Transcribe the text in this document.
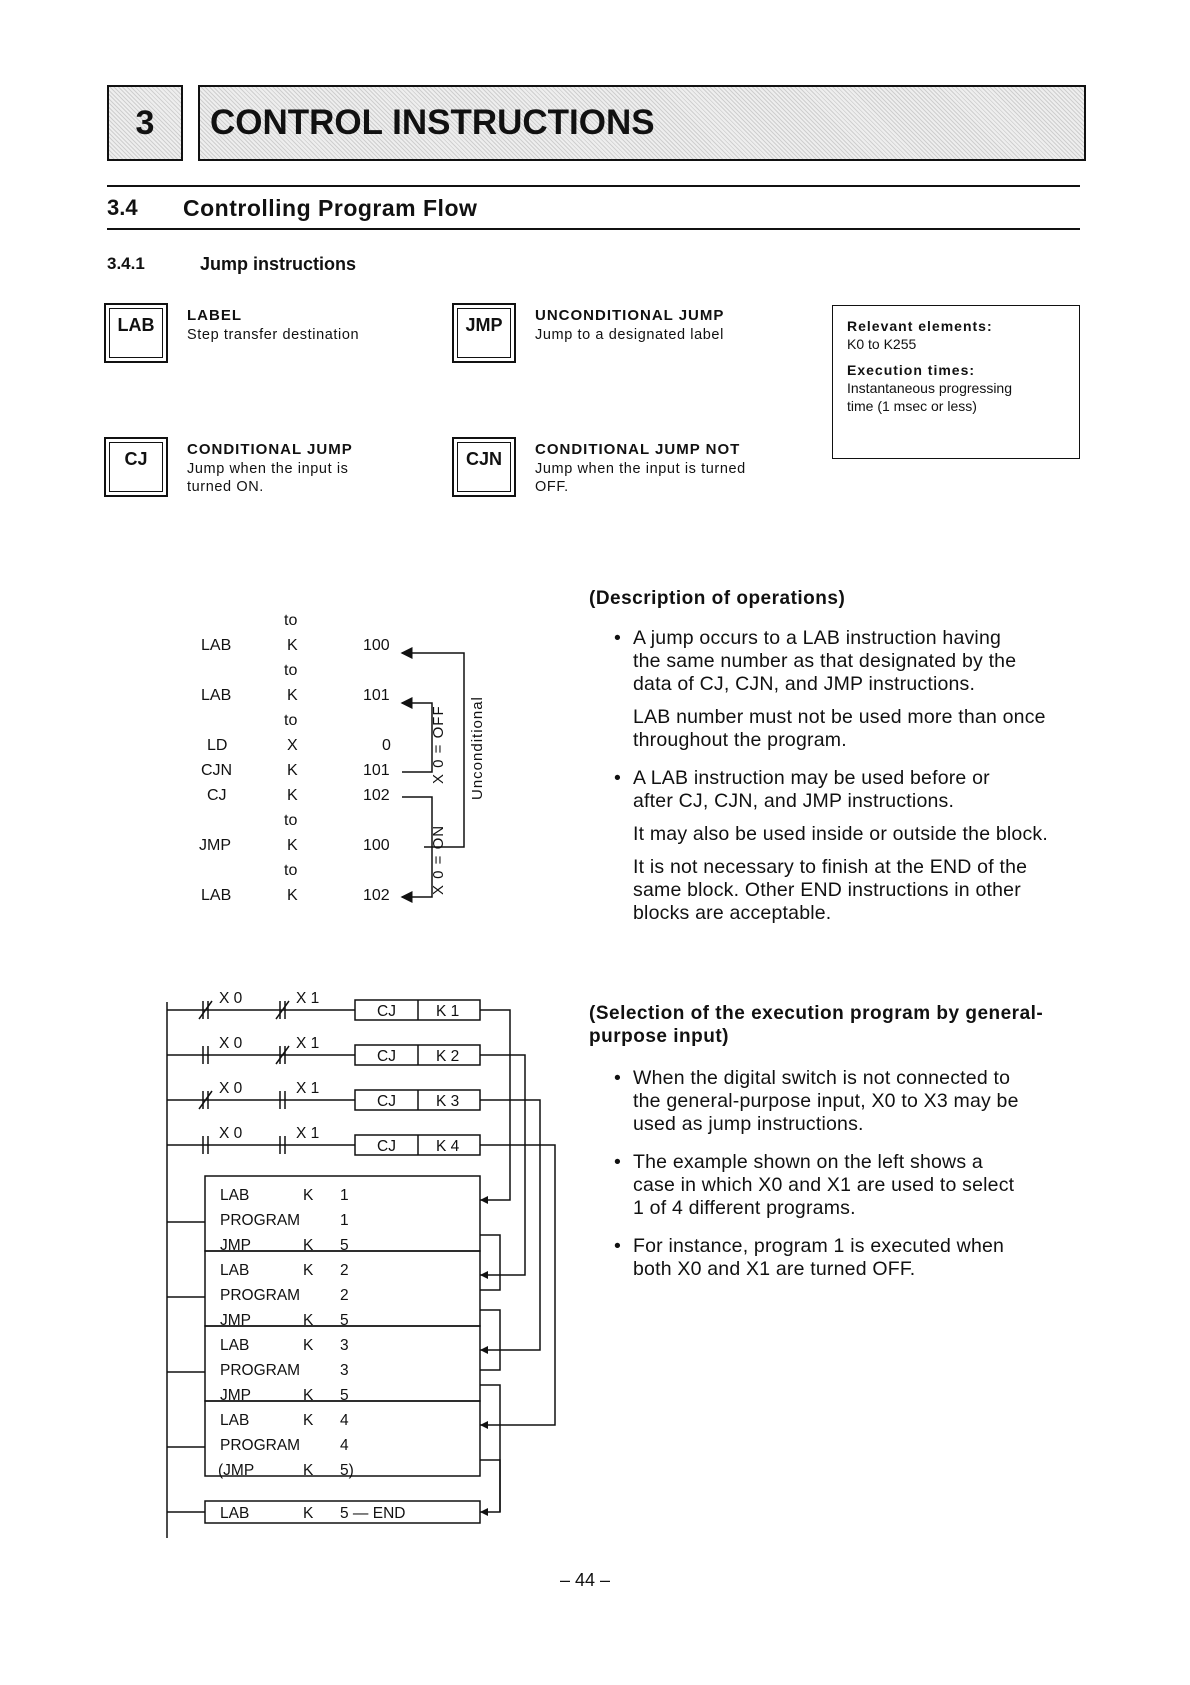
3 CONTROL INSTRUCTIONS
3.4 Controlling Program Flow
3.4.1	Jump instructions
LAB LABEL
Step transfer destination
JMP UNCONDITIONAL JUMP
Jump to a designated label
Relevant elements:
K0 to K255
Execution times:
Instantaneous progressing
time (1 msec or less)
CJ	CONDITIONAL JUMP
Jump when the input is
turned ON.
CJN CONDITIONAL JUMP NOT
Jump when the input is turned
OFF.
to
LAB	K	100
to
LAB	K	101
to
LD	X	0
CJN	K	101
CJ	K	102
to
JMP	K	100
to
LAB	K	102
X 0 = OFF
X 0 = ON
Unconditional
(Description of operations)
• A jump occurs to a LAB instruction having
the same number as that designated by the
data of CJ, CJN, and JMP instructions.
LAB number must not be used more than once
throughout the program.
• A LAB instruction may be used before or
after CJ, CJN, and JMP instructions.
It may also be used inside or outside the block.
It is not necessary to finish at the END of the
same block. Other END instructions in other
blocks are acceptable.
X 0	X 1
CJ	K 1
X 0	X 1
CJ	K 2
X 0	X 1
CJ	K 3
X 0	X 1
CJ	K 4
LAB	K 1
PROGRAM	1
JMP	K 5
LAB	K 2
PROGRAM	2
JMP	K 5
LAB	K 3
PROGRAM	3
JMP	K 5
LAB	K 4
PROGRAM	4
(JMP	K 5)
LAB	K 5 — END
(Selection of the execution program by general-
purpose input)
• When the digital switch is not connected to
the general-purpose input, X0 to X3 may be
used as jump instructions.
• The example shown on the left shows a
case in which X0 and X1 are used to select
1 of 4 different programs.
• For instance, program 1 is executed when
both X0 and X1 are turned OFF.
– 44 –
